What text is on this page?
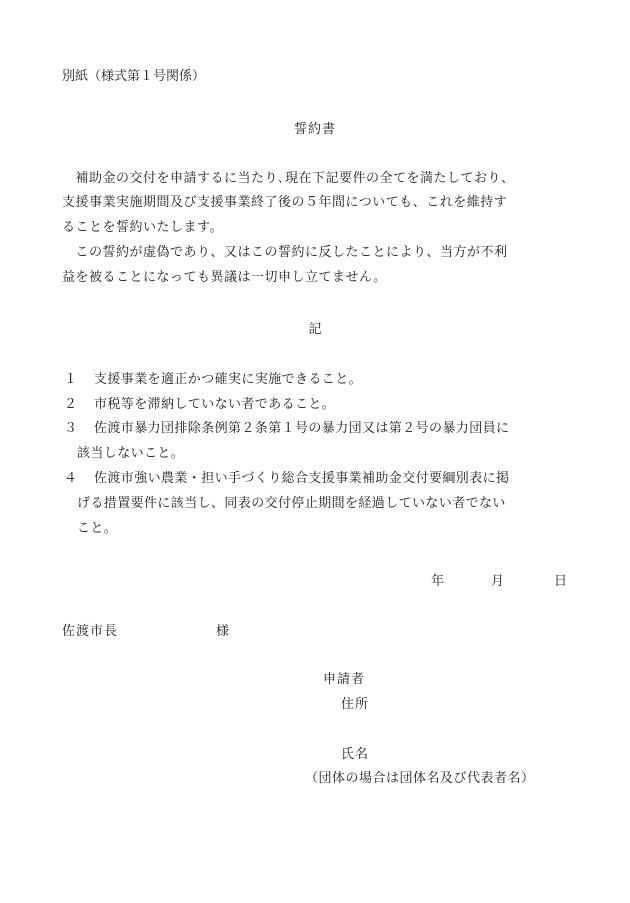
別紙（様式第１号関係）

誓約書

　補助金の交付を申請するに当たり､現在下記要件の全てを満たしており、

支援事業実施期間及び支援事業終了後の５年間についても、これを維持す

ることを誓約いたします。

　この誓約が虚偽であり、又はこの誓約に反したことにより、当方が不利

益を被ることになっても異議は一切申し立てません。

記

１ 支援事業を適正かつ確実に実施できること。

２ 市税等を滞納していない者であること。

３ 佐渡市暴力団排除条例第２条第１号の暴力団又は第２号の暴力団員に

該当しないこと。

４ 佐渡市強い農業・担い手づくり総合支援事業補助金交付要綱別表に掲

げる措置要件に該当し、同表の交付停止期間を経過していない者でない

こと。

年	月	日

佐渡市長	様

申請者

住所

氏名

（団体の場合は団体名及び代表者名）
